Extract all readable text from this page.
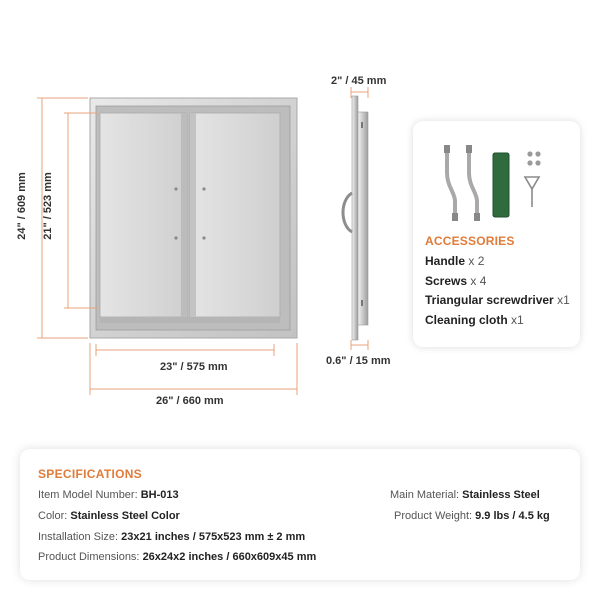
2" / 45 mm
0.6" / 15 mm
24" / 609 mm 21" / 523 mm
23" / 575 mm
26" / 660 mm
ACCESSORIES
Handle x 2
Screws x 4
Triangular screwdriver x1
Cleaning cloth x1
SPECIFICATIONS
Item Model Number: BH-013
Color: Stainless Steel Color
Installation Size: 23x21 inches / 575x523 mm ± 2 mm
Product Dimensions: 26x24x2 inches / 660x609x45 mm
Main Material: Stainless Steel
Product Weight: 9.9 lbs / 4.5 kg
